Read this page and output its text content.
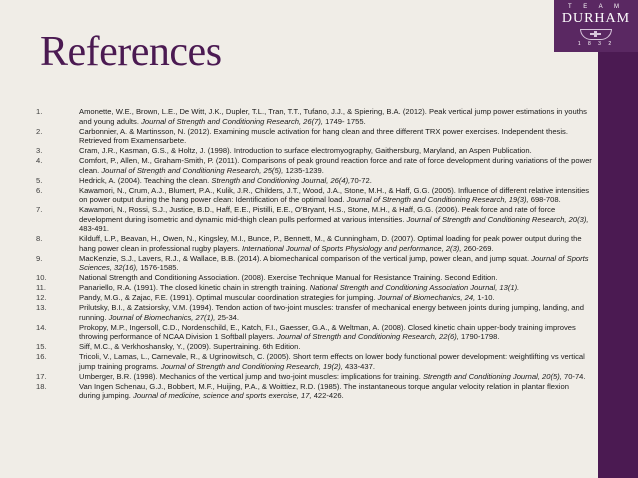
T E A M
DURHAM
1 8 3 2
References
1.	Amonette, W.E., Brown, L.E., De Witt, J.K., Dupler, T.L., Tran, T.T., Tufano, J.J., & Spiering, B.A. (2012). Peak vertical jump power estimations in youths and young adults. Journal of Strength and Conditioning Research, 26(7), 1749- 1755.
2.	Carbonnier, A. & Martinsson, N. (2012). Examining muscle activation for hang clean and three different TRX power exercises. Independent thesis. Retrieved from Examensarbete.
3.	Cram, J.R., Kasman, G.S., & Holtz, J. (1998). Introduction to surface electromyography, Gaithersburg, Maryland, an Aspen Publication.
4.	Comfort, P., Allen, M., Graham-Smith, P. (2011). Comparisons of peak ground reaction force and rate of force development during variations of the power clean. Journal of Strength and Conditioning Research, 25(5), 1235-1239.
5.	Hedrick, A. (2004). Teaching the clean. Strength and Conditioning Journal, 26(4),70-72.
6.	Kawamori, N., Crum, A.J., Blumert, P.A., Kulik, J.R., Childers, J.T., Wood, J.A., Stone, M.H., & Haff, G.G. (2005). Influence of different relative intensities on power output during the hang power clean: Identification of the optimal load. Journal of Strength and Conditioning Research, 19(3), 698-708.
7.	Kawamori, N., Rossi, S.J., Justice, B.D., Haff, E.E., Pistilli, E.E., O’Bryant, H.S., Stone, M.H., & Haff, G.G. (2006). Peak force and rate of force development during isometric and dynamic mid-thigh clean pulls performed at various intensities. Journal of Strength and Conditioning Research, 20(3), 483-491.
8.	Kilduff, L.P., Beavan, H., Owen, N., Kingsley, M.I., Bunce, P., Bennett, M., & Cunningham, D. (2007). Optimal loading for peak power output during the hang power clean in professional rugby players. International Journal of Sports Physiology and performance, 2(3), 260-269.
9.	MacKenzie, S.J., Lavers, R.J., & Wallace, B.B. (2014). A biomechanical comparison of the vertical jump, power clean, and jump squat. Journal of Sports Sciences, 32(16), 1576-1585.
10.	National Strength and Conditioning Association. (2008). Exercise Technique Manual for Resistance Training. Second Edition.
11.	Panariello, R.A. (1991). The closed kinetic chain in strength training. National Strength and Conditioning Association Journal, 13(1).
12.	Pandy, M.G., & Zajac, F.E. (1991). Optimal muscular coordination strategies for jumping. Journal of Biomechanics, 24, 1-10.
13.	Prilutsky, B.I., & Zatsiorsky, V.M. (1994). Tendon action of two-joint muscles: transfer of mechanical energy between joints during jumping, landing, and running. Journal of Biomechanics, 27(1), 25-34.
14.	Prokopy, M.P., Ingersoll, C.D., Nordenschild, E., Katch, F.I., Gaesser, G.A., & Weltman, A. (2008). Closed kinetic chain upper-body training improves throwing performance of NCAA Division 1 Softball players. Journal of Strength and Conditioning Research, 22(6), 1790-1798.
15.	Siff, M.C., & Verkhoshansky, Y., (2009). Supertraining. 6th Edition.
16.	Tricoli, V., Lamas, L., Carnevale, R., & Ugrinowitsch, C. (2005). Short term effects on lower body functional power development: weightlifting vs vertical jump training programs. Journal of Strength and Conditioning Research, 19(2), 433-437.
17.	Umberger, B.R. (1998). Mechanics of the vertical jump and two-joint muscles: implications for training. Strength and Conditioning Journal, 20(5), 70-74.
18.	Van Ingen Schenau, G.J., Bobbert, M.F., Huijing, P.A., & Woittiez, R.D. (1985). The instantaneous torque angular velocity relation in plantar flexion during jumping. Journal of medicine, science and sports exercise, 17, 422-426.
